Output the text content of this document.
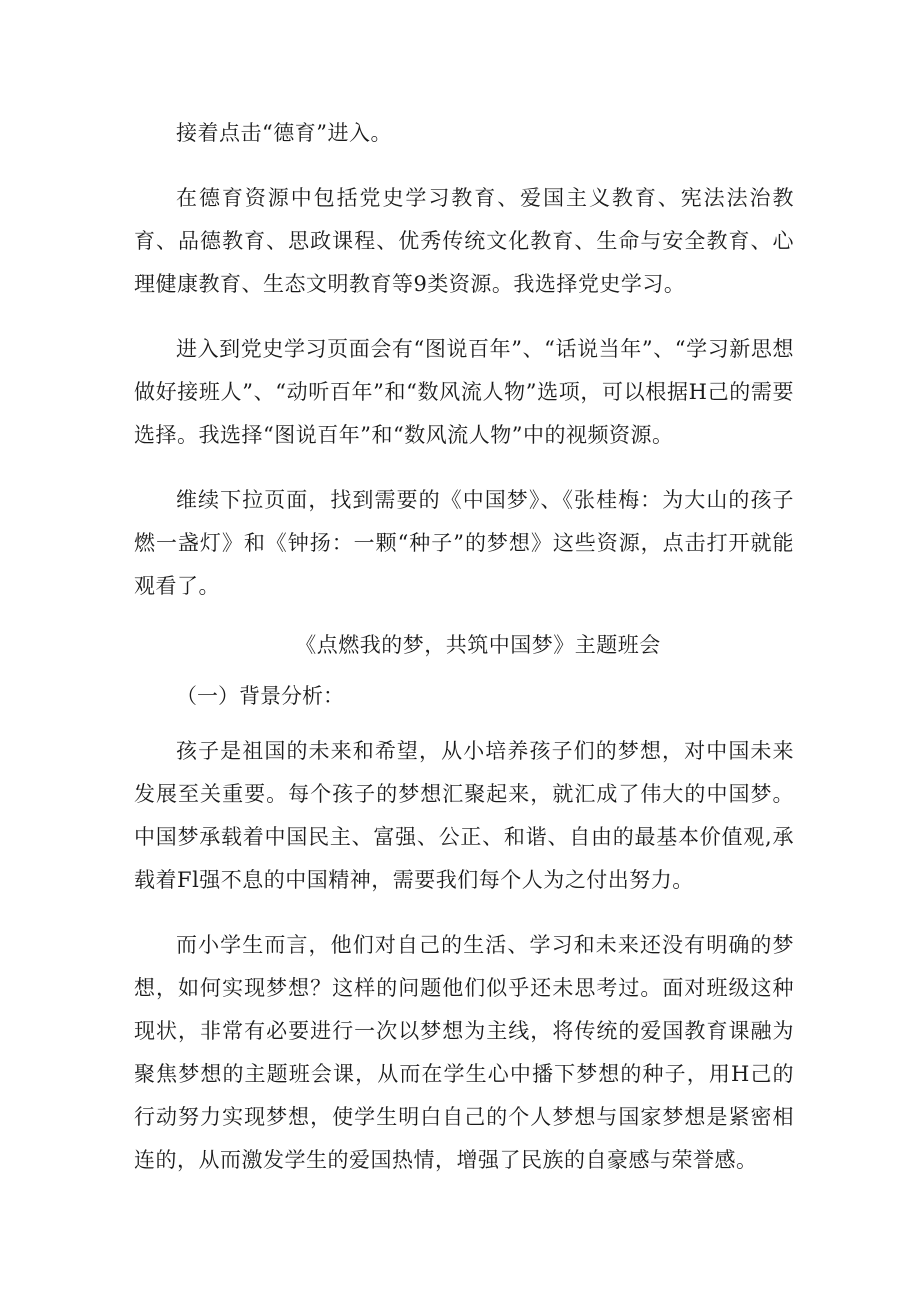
接着点击“德育”进入。

在德育资源中包括党史学习教育、爱国主义教育、宪法法治教育、品德教育、思政课程、优秀传统文化教育、生命与安全教育、心理健康教育、生态文明教育等9类资源。我选择党史学习。

进入到党史学习页面会有“图说百年”、“话说当年”、“学习新思想做好接班人”、“动听百年”和“数风流人物”选项，可以根据H己的需要选择。我选择“图说百年”和“数风流人物”中的视频资源。

维续下拉页面，找到需要的《中国梦》、《张桂梅：为大山的孩子燃一盏灯》和《钟扬：一颗“种子”的梦想》这些资源，点击打开就能观看了。

《点燃我的梦，共筑中国梦》主题班会

（一）背景分析：

孩子是祖国的未来和希望，从小培养孩子们的梦想，对中国未来发展至关重要。每个孩子的梦想汇聚起来，就汇成了伟大的中国梦。中国梦承载着中国民主、富强、公正、和谐、自由的最基本价值观,承载着Fl强不息的中国精神，需要我们每个人为之付出努力。

而小学生而言，他们对自己的生活、学习和未来还没有明确的梦想，如何实现梦想？这样的问题他们似乎还未思考过。面对班级这种现状，非常有必要进行一次以梦想为主线，将传统的爱国教育课融为聚焦梦想的主题班会课，从而在学生心中播下梦想的种子，用H己的行动努力实现梦想，使学生明白自己的个人梦想与国家梦想是紧密相连的，从而激发学生的爱国热情，增强了民族的自豪感与荣誉感。
